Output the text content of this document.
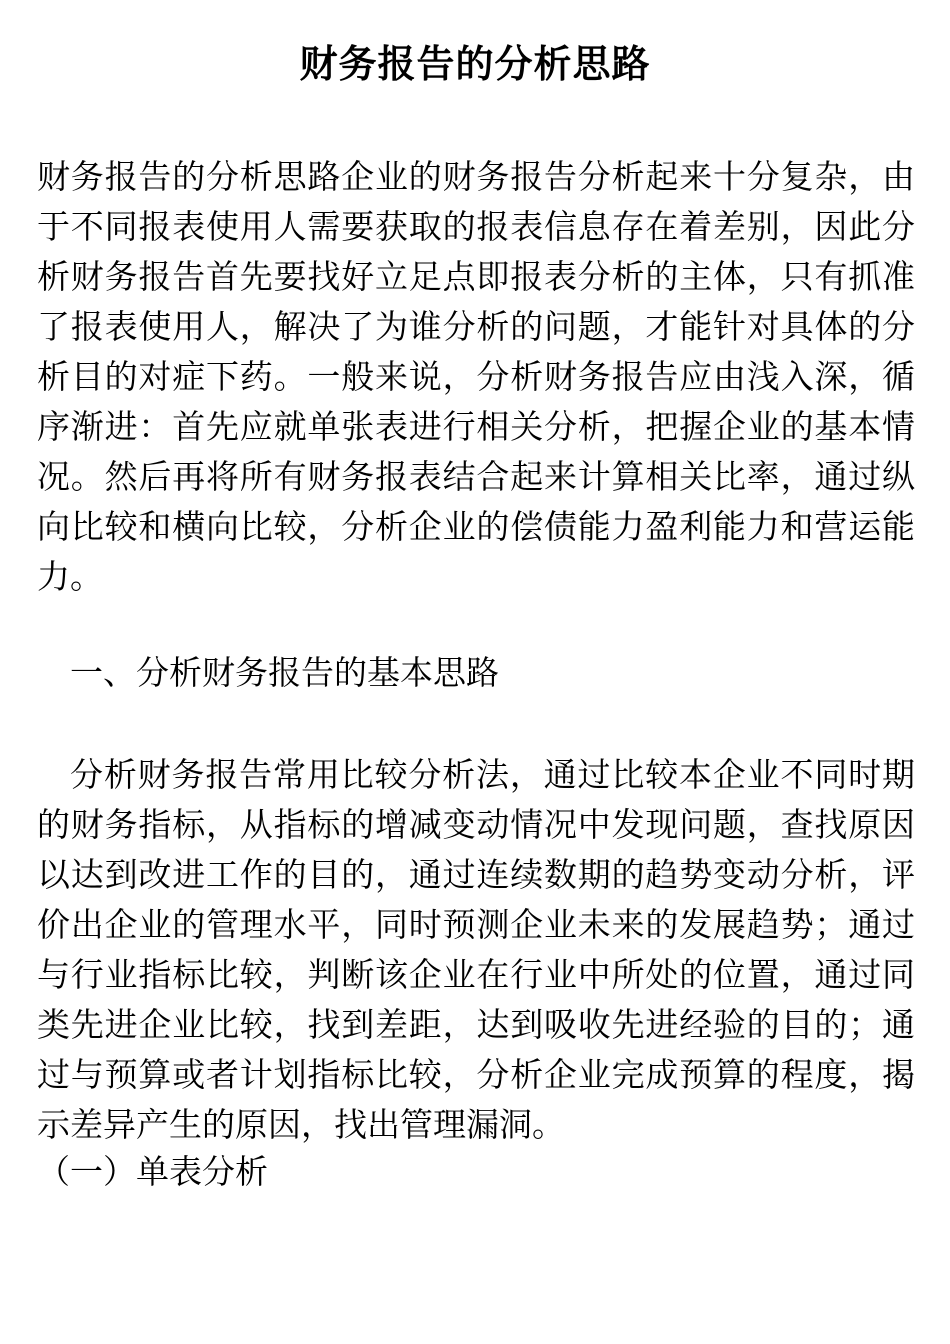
财务报告的分析思路

财务报告的分析思路企业的财务报告分析起来十分复杂，由于不同报表使用人需要获取的报表信息存在着差别，因此分析财务报告首先要找好立足点即报表分析的主体，只有抓准了报表使用人，解决了为谁分析的问题，才能针对具体的分析目的对症下药。一般来说，分析财务报告应由浅入深，循序渐进：首先应就单张表进行相关分析，把握企业的基本情况。然后再将所有财务报表结合起来计算相关比率，通过纵向比较和横向比较，分析企业的偿债能力盈利能力和营运能力。

一、分析财务报告的基本思路

分析财务报告常用比较分析法，通过比较本企业不同时期的财务指标，从指标的增减变动情况中发现问题，查找原因以达到改进工作的目的，通过连续数期的趋势变动分析，评价出企业的管理水平，同时预测企业未来的发展趋势；通过与行业指标比较，判断该企业在行业中所处的位置，通过同类先进企业比较，找到差距，达到吸收先进经验的目的；通过与预算或者计划指标比较，分析企业完成预算的程度，揭示差异产生的原因，找出管理漏洞。

（一）单表分析
